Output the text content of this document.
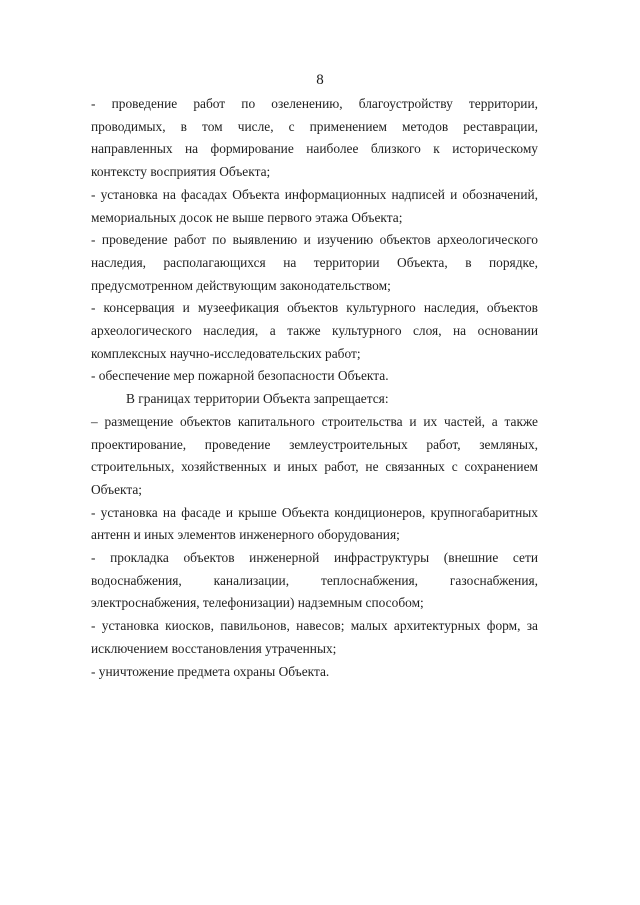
8

- проведение работ по озеленению, благоустройству территории, проводимых, в том числе, с применением методов реставрации, направленных на формирование наиболее близкого к историческому контексту восприятия Объекта;

- установка на фасадах Объекта информационных надписей и обозначений, мемориальных досок не выше первого этажа Объекта;

- проведение работ по выявлению и изучению объектов археологического наследия, располагающихся на территории Объекта, в порядке, предусмотренном действующим законодательством;

- консервация и музеефикация объектов культурного наследия, объектов археологического наследия, а также культурного слоя, на основании комплексных научно-исследовательских работ;

- обеспечение мер пожарной безопасности Объекта.

В границах территории Объекта запрещается:

– размещение объектов капитального строительства и их частей, а также проектирование, проведение землеустроительных работ, земляных, строительных, хозяйственных и иных работ, не связанных с сохранением Объекта;

- установка на фасаде и крыше Объекта кондиционеров, крупногабаритных антенн и иных элементов инженерного оборудования;

- прокладка объектов инженерной инфраструктуры (внешние сети водоснабжения, канализации, теплоснабжения, газоснабжения, электроснабжения, телефонизации) надземным способом;

- установка киосков, павильонов, навесов; малых архитектурных форм, за исключением восстановления утраченных;

- уничтожение предмета охраны Объекта.
